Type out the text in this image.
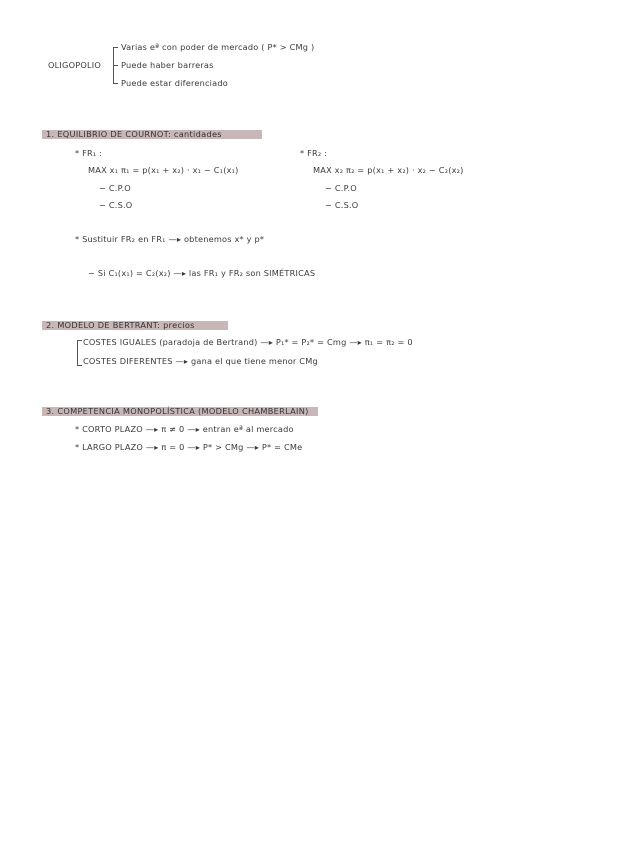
OLIGOPOLIO
Varias eª con poder de mercado ( P* > CMg )
Puede haber barreras
Puede estar diferenciado
1. EQUILIBRIO DE COURNOT: cantidades
* FR₁ :
MAX x₁ π₁ = p(x₁ + x₂) · x₁ − C₁(x₁)
− C.P.O
− C.S.O
* FR₂ :
MAX x₂ π₂ = p(x₁ + x₂) · x₂ − C₂(x₂)
− C.P.O
− C.S.O
* Sustituir FR₂ en FR₁ —▸ obtenemos x* y p*
− Si C₁(x₁) = C₂(x₂) —▸ las FR₁ y FR₂ son SIMÉTRICAS
2. MODELO DE BERTRANT: precios
COSTES IGUALES (paradoja de Bertrand) —▸ P₁* = P₂* = Cmg —▸ π₁ = π₂ = 0
COSTES DIFERENTES —▸ gana el que tiene menor CMg
3. COMPETENCIA MONOPOLÍSTICA (MODELO CHAMBERLAIN)
* CORTO PLAZO —▸ π ≠ 0 —▸ entran eª al mercado
* LARGO PLAZO —▸ π = 0 —▸ P* > CMg —▸ P* = CMe
